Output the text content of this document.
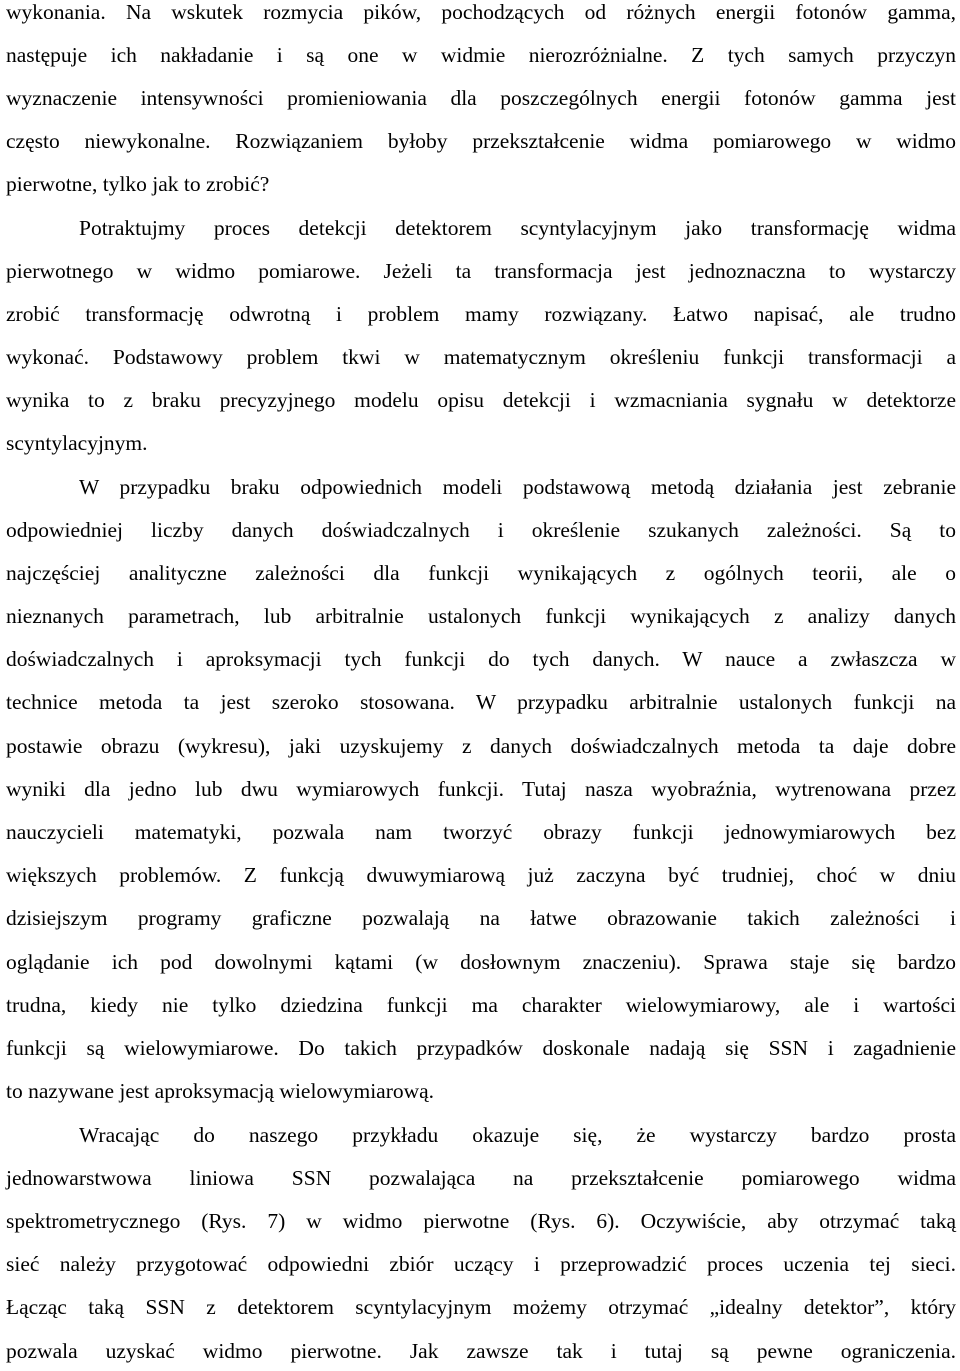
wykonania. Na wskutek rozmycia pików, pochodzących od różnych energii fotonów gamma,
następuje ich nakładanie i są one w widmie nierozróżnialne. Z tych samych przyczyn
wyznaczenie intensywności promieniowania dla poszczególnych energii fotonów gamma jest
często niewykonalne. Rozwiązaniem byłoby przekształcenie widma pomiarowego w widmo
pierwotne, tylko jak to zrobić?
Potraktujmy proces detekcji detektorem scyntylacyjnym jako transformację widma
pierwotnego w widmo pomiarowe. Jeżeli ta transformacja jest jednoznaczna to wystarczy
zrobić transformację odwrotną i problem mamy rozwiązany. Łatwo napisać, ale trudno
wykonać. Podstawowy problem tkwi w matematycznym określeniu funkcji transformacji a
wynika to z braku precyzyjnego modelu opisu detekcji i wzmacniania sygnału w detektorze
scyntylacyjnym.
W przypadku braku odpowiednich modeli podstawową metodą działania jest zebranie
odpowiedniej liczby danych doświadczalnych i określenie szukanych zależności. Są to
najczęściej analityczne zależności dla funkcji wynikających z ogólnych teorii, ale o
nieznanych parametrach, lub arbitralnie ustalonych funkcji wynikających z analizy danych
doświadczalnych i aproksymacji tych funkcji do tych danych. W nauce a zwłaszcza w
technice metoda ta jest szeroko stosowana. W przypadku arbitralnie ustalonych funkcji na
postawie obrazu (wykresu), jaki uzyskujemy z danych doświadczalnych metoda ta daje dobre
wyniki dla jedno lub dwu wymiarowych funkcji. Tutaj nasza wyobraźnia, wytrenowana przez
nauczycieli matematyki, pozwala nam tworzyć obrazy funkcji jednowymiarowych bez
większych problemów. Z funkcją dwuwymiarową już zaczyna być trudniej, choć w dniu
dzisiejszym programy graficzne pozwalają na łatwe obrazowanie takich zależności i
oglądanie ich pod dowolnymi kątami (w dosłownym znaczeniu). Sprawa staje się bardzo
trudna, kiedy nie tylko dziedzina funkcji ma charakter wielowymiarowy, ale i wartości
funkcji są wielowymiarowe. Do takich przypadków doskonale nadają się SSN i zagadnienie
to nazywane jest aproksymacją wielowymiarową.
Wracając do naszego przykładu okazuje się, że wystarczy bardzo prosta
jednowarstwowa liniowa SSN pozwalająca na przekształcenie pomiarowego widma
spektrometrycznego (Rys. 7) w widmo pierwotne (Rys. 6). Oczywiście, aby otrzymać taką
sieć należy przygotować odpowiedni zbiór uczący i przeprowadzić proces uczenia tej sieci.
Łącząc taką SSN z detektorem scyntylacyjnym możemy otrzymać „idealny detektor”, który
pozwala uzyskać widmo pierwotne. Jak zawsze tak i tutaj są pewne ograniczenia.
